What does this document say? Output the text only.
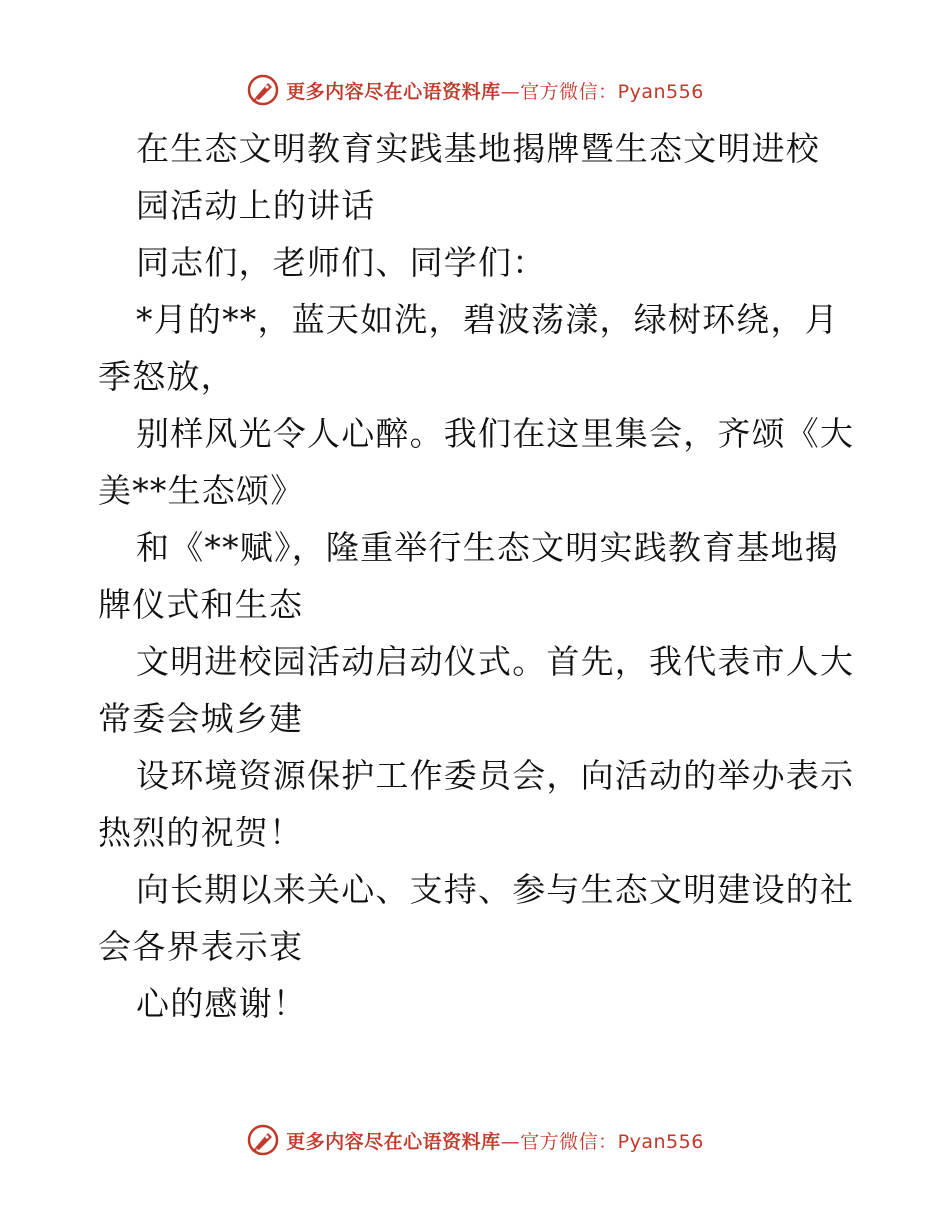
更多内容尽在心语资料库—官方微信：Pyan556
在生态文明教育实践基地揭牌暨生态文明进校
园活动上的讲话
同志们，老师们、同学们：
*月的**，蓝天如洗，碧波荡漾，绿树环绕，月
季怒放，
别样风光令人心醉。我们在这里集会，齐颂《大
美**生态颂》
和《**赋》，隆重举行生态文明实践教育基地揭
牌仪式和生态
文明进校园活动启动仪式。首先，我代表市人大
常委会城乡建
设环境资源保护工作委员会，向活动的举办表示
热烈的祝贺！
向长期以来关心、支持、参与生态文明建设的社
会各界表示衷
心的感谢！
更多内容尽在心语资料库—官方微信：Pyan556
